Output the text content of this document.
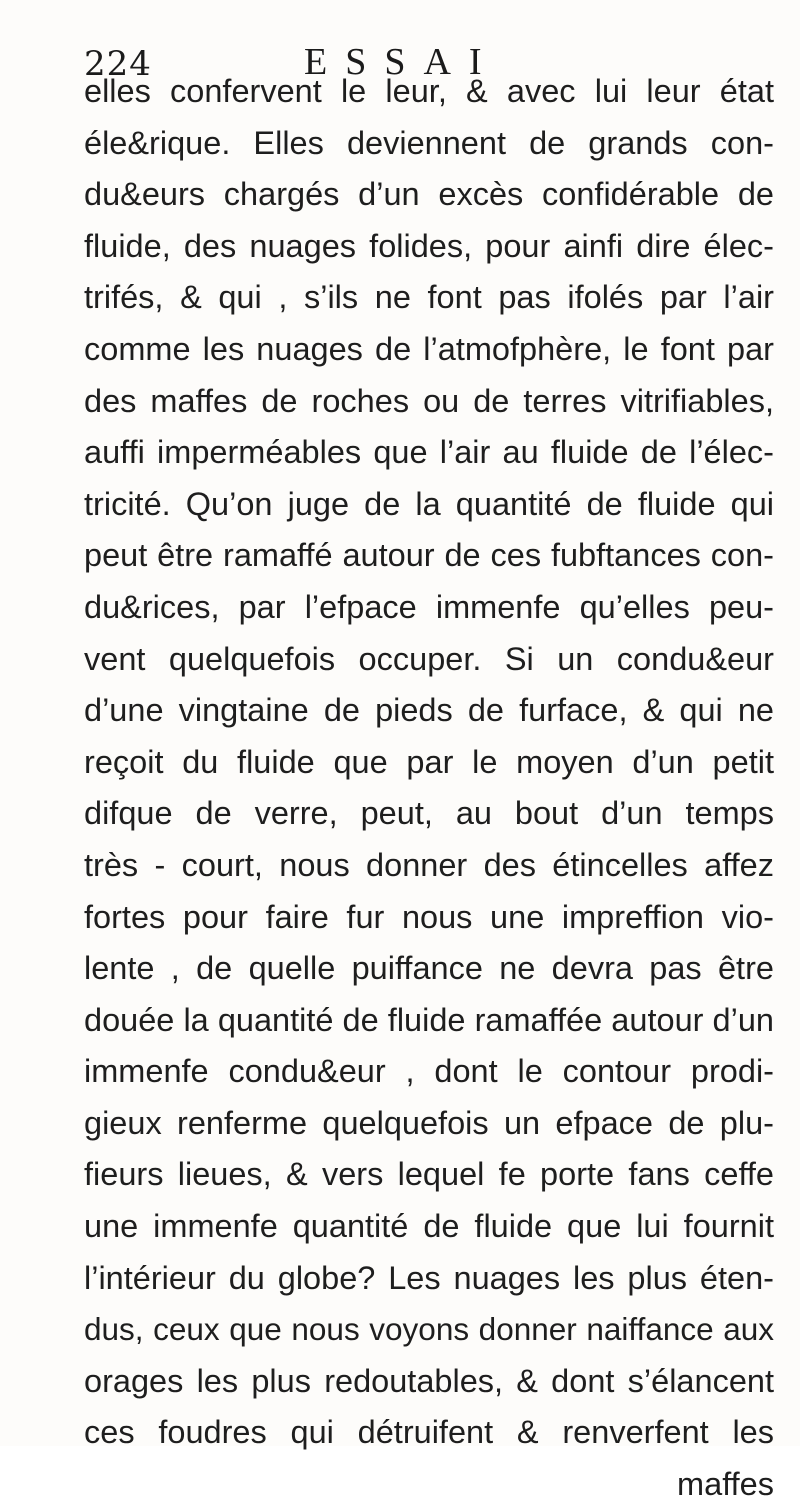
224	ESSAI
elles confervent le leur, & avec lui leur état
éle&rique. Elles deviennent de grands con-
du&eurs chargés d’un excès confidérable de
fluide, des nuages folides, pour ainfi dire élec-
trifés, & qui , s’ils ne font pas ifolés par l’air
comme les nuages de l’atmofphère, le font par
des maffes de roches ou de terres vitrifiables,
auffi imperméables que l’air au fluide de l’élec-
tricité. Qu’on juge de la quantité de fluide qui
peut être ramaffé autour de ces fubftances con-
du&rices, par l’efpace immenfe qu’elles peu-
vent quelquefois occuper. Si un condu&eur
d’une vingtaine de pieds de furface, & qui ne
reçoit du fluide que par le moyen d’un petit
difque de verre, peut, au bout d’un temps
très - court, nous donner des étincelles affez
fortes pour faire fur nous une impreffion vio-
lente , de quelle puiffance ne devra pas être
douée la quantité de fluide ramaffée autour d’un
immenfe condu&eur , dont le contour prodi-
gieux renferme quelquefois un efpace de plu-
fieurs lieues, & vers lequel fe porte fans ceffe
une immenfe quantité de fluide que lui fournit
l’intérieur du globe? Les nuages les plus éten-
dus, ceux que nous voyons donner naiffance aux
orages les plus redoutables, & dont s’élancent
ces foudres qui détruifent & renverfent les
maffes
